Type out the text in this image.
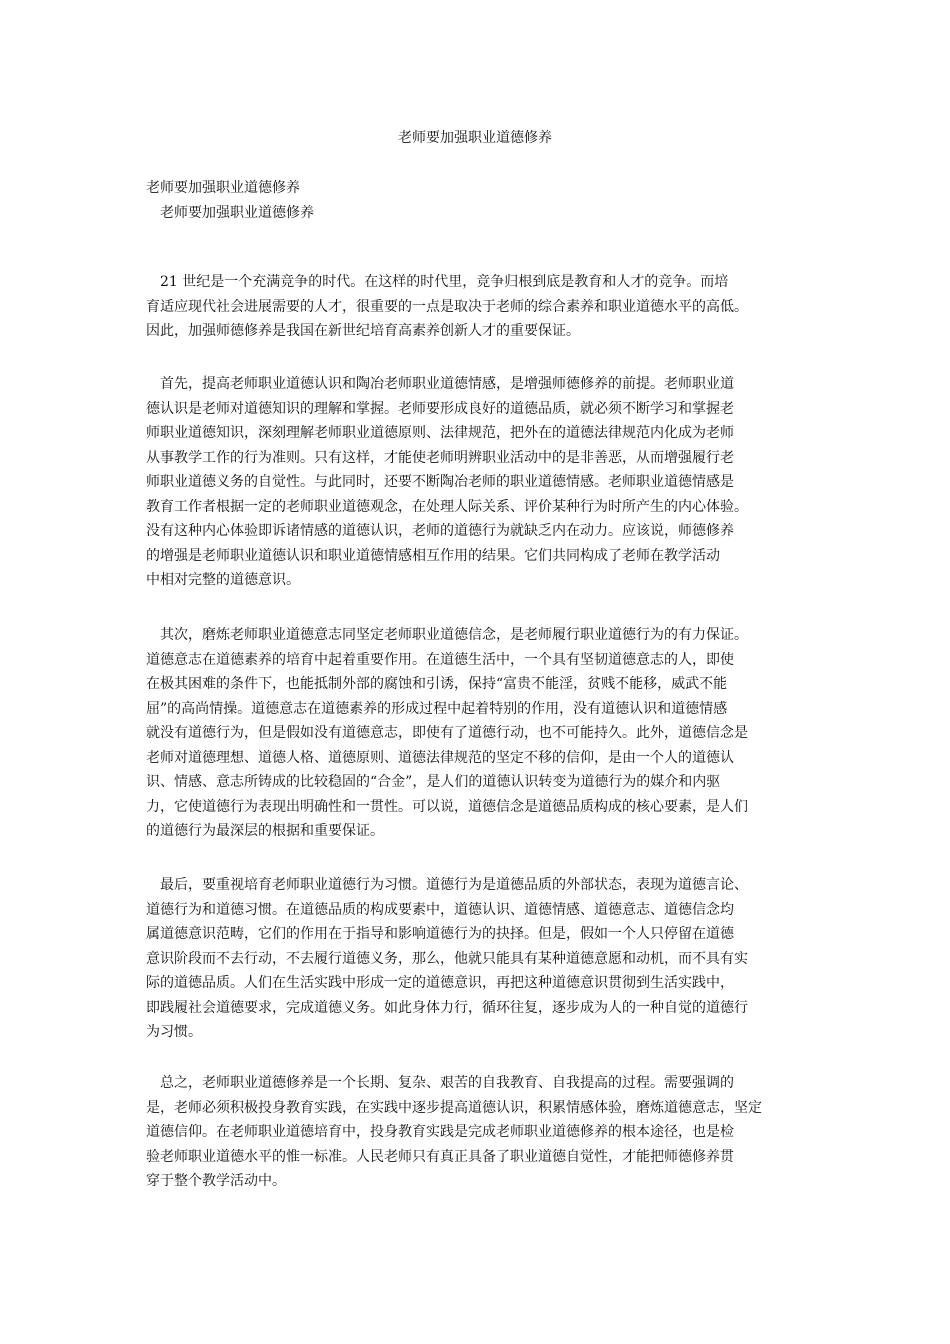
老师要加强职业道德修养
老师要加强职业道德修养
老师要加强职业道德修养
21 世纪是一个充满竞争的时代。在这样的时代里，竞争归根到底是教育和人才的竞争。而培
育适应现代社会进展需要的人才，很重要的一点是取决于老师的综合素养和职业道德水平的高低。
因此，加强师德修养是我国在新世纪培育高素养创新人才的重要保证。
首先，提高老师职业道德认识和陶冶老师职业道德情感，是增强师德修养的前提。老师职业道
德认识是老师对道德知识的理解和掌握。老师要形成良好的道德品质，就必须不断学习和掌握老
师职业道德知识，深刻理解老师职业道德原则、法律规范，把外在的道德法律规范内化成为老师
从事教学工作的行为准则。只有这样，才能使老师明辨职业活动中的是非善恶，从而增强履行老
师职业道德义务的自觉性。与此同时，还要不断陶冶老师的职业道德情感。老师职业道德情感是
教育工作者根据一定的老师职业道德观念，在处理人际关系、评价某种行为时所产生的内心体验。
没有这种内心体验即诉诸情感的道德认识，老师的道德行为就缺乏内在动力。应该说，师德修养
的增强是老师职业道德认识和职业道德情感相互作用的结果。它们共同构成了老师在教学活动
中相对完整的道德意识。
其次，磨炼老师职业道德意志同坚定老师职业道德信念，是老师履行职业道德行为的有力保证。
道德意志在道德素养的培育中起着重要作用。在道德生活中，一个具有坚韧道德意志的人，即使
在极其困难的条件下，也能抵制外部的腐蚀和引诱，保持“富贵不能淫，贫贱不能移，威武不能
屈”的高尚情操。道德意志在道德素养的形成过程中起着特别的作用，没有道德认识和道德情感
就没有道德行为，但是假如没有道德意志，即使有了道德行动，也不可能持久。此外，道德信念是
老师对道德理想、道德人格、道德原则、道德法律规范的坚定不移的信仰，是由一个人的道德认
识、情感、意志所铸成的比较稳固的“合金”，是人们的道德认识转变为道德行为的媒介和内驱
力，它使道德行为表现出明确性和一贯性。可以说，道德信念是道德品质构成的核心要素，是人们
的道德行为最深层的根据和重要保证。
最后，要重视培育老师职业道德行为习惯。道德行为是道德品质的外部状态，表现为道德言论、
道德行为和道德习惯。在道德品质的构成要素中，道德认识、道德情感、道德意志、道德信念均
属道德意识范畴，它们的作用在于指导和影响道德行为的抉择。但是，假如一个人只停留在道德
意识阶段而不去行动，不去履行道德义务，那么，他就只能具有某种道德意愿和动机，而不具有实
际的道德品质。人们在生活实践中形成一定的道德意识，再把这种道德意识贯彻到生活实践中，
即践履社会道德要求，完成道德义务。如此身体力行，循环往复，逐步成为人的一种自觉的道德行
为习惯。
总之，老师职业道德修养是一个长期、复杂、艰苦的自我教育、自我提高的过程。需要强调的
是，老师必须积极投身教育实践，在实践中逐步提高道德认识，积累情感体验，磨炼道德意志，坚定
道德信仰。在老师职业道德培育中，投身教育实践是完成老师职业道德修养的根本途径，也是检
验老师职业道德水平的惟一标准。人民老师只有真正具备了职业道德自觉性，才能把师德修养贯
穿于整个教学活动中。
